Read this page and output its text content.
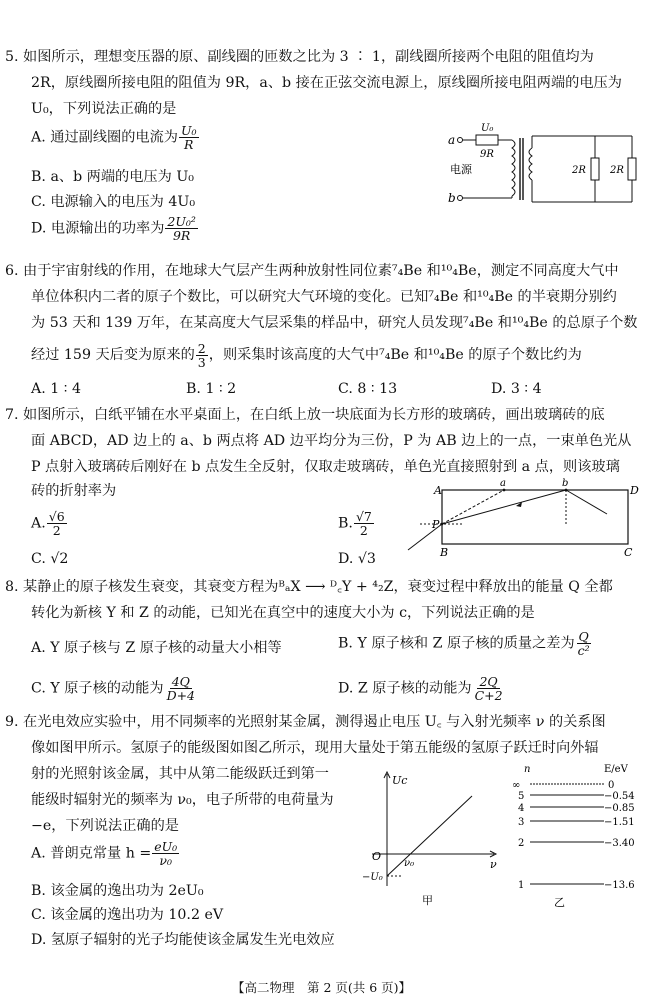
5. 如图所示，理想变压器的原、副线圈的匝数之比为 3 ∶ 1，副线圈所接两个电阻的阻值均为
2R，原线圈所接电阻的阻值为 9R，a、b 接在正弦交流电源上，原线圈所接电阻两端的电压为
U₀，下列说法正确的是
A. 通过副线圈的电流为 $\frac{\text{U₀}}{R}$
B. a、b 两端的电压为 U₀
C. 电源输入的电压为 4U₀
D. 电源输出的功率为 $\frac{\text{2U₀²}}{9R}$
a
b
电源
U₀
9R
2R 2R
6. 由于宇宙射线的作用，在地球大气层产生两种放射性同位素⁷₄Be 和¹⁰₄Be，测定不同高度大气中
单位体积内二者的原子个数比，可以研究大气环境的变化。已知⁷₄Be 和¹⁰₄Be 的半衰期分别约
为 53 天和 139 万年，在某高度大气层采集的样品中，研究人员发现⁷₄Be 和¹⁰₄Be 的总原子个数
经过 159 天后变为原来的 $\frac{2}{3}$ ，则采集时该高度的大气中⁷₄Be 和¹⁰₄Be 的原子个数比约为
A. 1 ∶ 4	B. 1 ∶ 2	C. 8 ∶ 13	D. 3 ∶ 4
7. 如图所示，白纸平铺在水平桌面上，在白纸上放一块底面为长方形的玻璃砖，画出玻璃砖的底
面 ABCD，AD 边上的 a、b 两点将 AD 边平均分为三份，P 为 AB 边上的一点，一束单色光从
P 点射入玻璃砖后刚好在 b 点发生全反射，仅取走玻璃砖，单色光直接照射到 a 点，则该玻璃
砖的折射率为
A. $\frac{√6}{2}$	B. $\frac{√7}{2}$
C. √2	D. √3
A	D
B	C
P
a	b
8. 某静止的原子核发生衰变，其衰变方程为ᴮₐX ⟶ ᴰ꜀Y + ⁴₂Z，衰变过程中释放出的能量 Q 全都
转化为新核 Y 和 Z 的动能，已知光在真空中的速度大小为 c，下列说法正确的是
A. Y 原子核与 Z 原子核的动量大小相等	B. Y 原子核和 Z 原子核的质量之差为 $\frac{Q}{\text{c²}}$
C. Y 原子核的动能为 $\frac{4Q}{D+4}$	D. Z 原子核的动能为 $\frac{2Q}{C+2}$
9. 在光电效应实验中，用不同频率的光照射某金属，测得遏止电压 U꜀ 与入射光频率 ν 的关系图
像如图甲所示。氢原子的能级图如图乙所示，现用大量处于第五能级的氢原子跃迁时向外辐
射的光照射该金属，其中从第二能级跃迁到第一
能级时辐射光的频率为 ν₀，电子所带的电荷量为
−e，下列说法正确的是
A. 普朗克常量 $h = \frac{\text{eU₀}}{\text{ν₀}}$
B. 该金属的逸出功为 2eU₀
C. 该金属的逸出功为 10.2 eV
D. 氢原子辐射的光子均能使该金属发生光电效应
Uc
ν
O
ν₀
−U₀
甲
n	E/eV
∞	0
5	−0.54
4	−0.85
3	−1.51
2	−3.40
1	−13.6
乙
【高二物理　第 2 页(共 6 页)】
